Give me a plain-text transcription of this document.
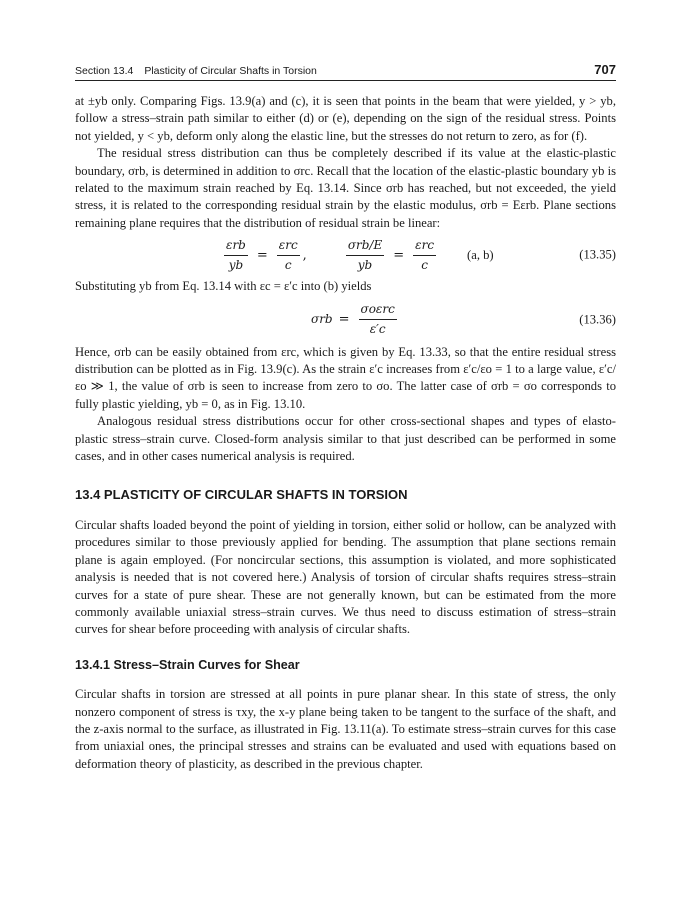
Section 13.4 Plasticity of Circular Shafts in Torsion	707

at ±yb only. Comparing Figs. 13.9(a) and (c), it is seen that points in the beam that were yielded, y > yb, follow a stress–strain path similar to either (d) or (e), depending on the sign of the residual stress. Points not yielded, y < yb, deform only along the elastic line, but the stresses do not return to zero, as for (f).

The residual stress distribution can thus be completely described if its value at the elastic-plastic boundary, σrb, is determined in addition to σrc. Recall that the location of the elastic-plastic boundary yb is related to the maximum strain reached by Eq. 13.14. Since σrb has reached, but not exceeded, the yield stress, it is related to the corresponding residual strain by the elastic modulus, σrb = Eεrb. Plane sections remaining plane requires that the distribution of residual strain be linear:

$\frac{\text{εrb}}{yb} = \frac{\text{εrc}}{c}$ ,	$\frac{\text{σrb/E}}{yb} = \frac{\text{εrc}}{c} (a$, b)	(13.35)

Substituting yb from Eq. 13.14 with εc = ε′c into (b) yields

$\sigma rb = \frac{\text{σoεrc}}{\varepsilon'c}$	(13.36)

Hence, σrb can be easily obtained from εrc, which is given by Eq. 13.33, so that the entire residual stress distribution can be plotted as in Fig. 13.9(c). As the strain ε′c increases from ε′c/εo = 1 to a large value, ε′c/εo ≫ 1, the value of σrb is seen to increase from zero to σo. The latter case of σrb = σo corresponds to fully plastic yielding, yb = 0, as in Fig. 13.10.

Analogous residual stress distributions occur for other cross-sectional shapes and types of elasto-plastic stress–strain curve. Closed-form analysis similar to that just described can be performed in some cases, and in other cases numerical analysis is required.

13.4 PLASTICITY OF CIRCULAR SHAFTS IN TORSION

Circular shafts loaded beyond the point of yielding in torsion, either solid or hollow, can be analyzed with procedures similar to those previously applied for bending. The assumption that plane sections remain plane is again employed. (For noncircular sections, this assumption is violated, and more sophisticated analysis is needed that is not covered here.) Analysis of torsion of circular shafts requires stress–strain curves for a state of pure shear. These are not generally known, but can be estimated from the more commonly available uniaxial stress–strain curves. We thus need to discuss estimation of stress–strain curves for shear before proceeding with analysis of circular shafts.

13.4.1 Stress–Strain Curves for Shear

Circular shafts in torsion are stressed at all points in pure planar shear. In this state of stress, the only nonzero component of stress is τxy, the x-y plane being taken to be tangent to the surface of the shaft, and the z-axis normal to the surface, as illustrated in Fig. 13.11(a). To estimate stress–strain curves for this case from uniaxial ones, the principal stresses and strains can be evaluated and used with equations based on deformation theory of plasticity, as described in the previous chapter.
